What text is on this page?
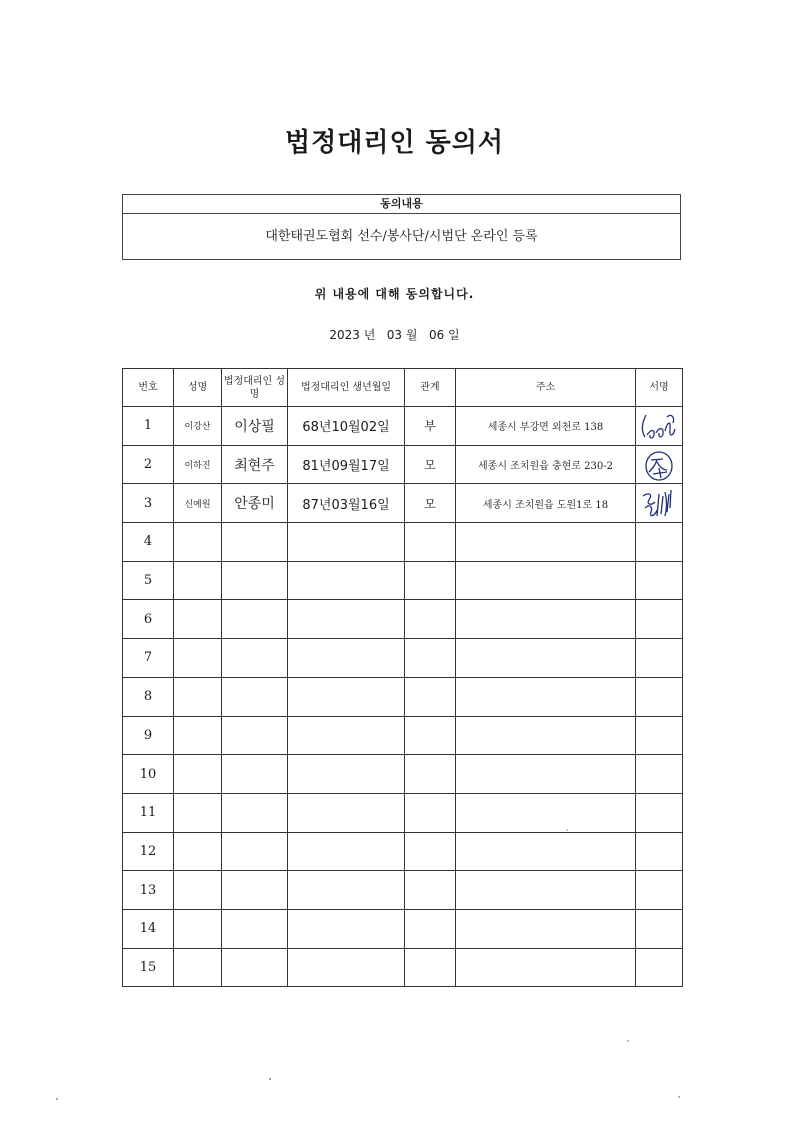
법정대리인 동의서
동의내용
대한태권도협회 선수/봉사단/시범단 온라인 등록
위 내용에 대해 동의합니다.
2023 년 03 월 06 일
번호	성명	법정대리인 성명	법정대리인 생년월일	관계	주소	서명
1	이강산	이상필	68년10월02일	부	세종시 부강면 외천로 138	

2	이하진	최현주	81년09월17일	모	세종시 조치원읍 충현로 230-2	

3	신예원	안종미	87년03월16일	모	세종시 조치원읍 도원1로 18	

4						
5						
6						
7						
8						
9						
10						
11						
12						
13						
14						
15						
